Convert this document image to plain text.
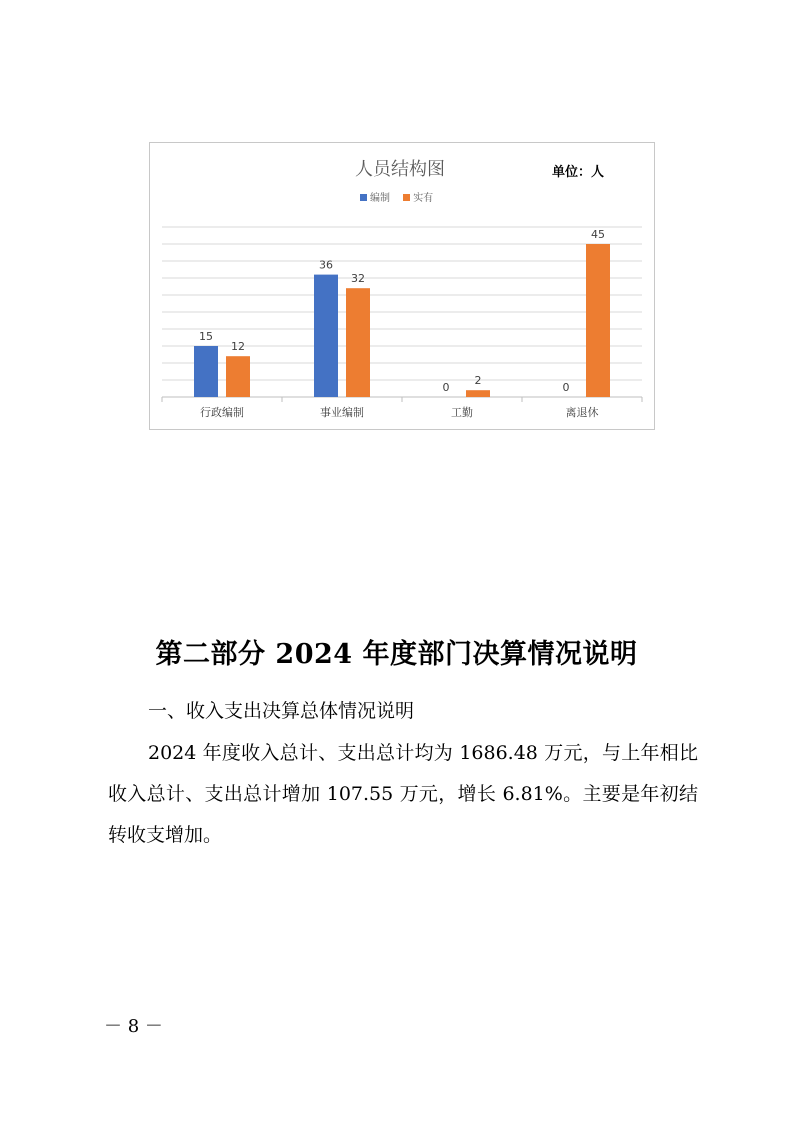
人员结构图	单位：人
编制 实有
15
12
行政编制
36
32
事业编制
0
2
工勤
0
45
离退休
第二部分 2024 年度部门决算情况说明
一、收入支出决算总体情况说明
2024 年度收入总计、支出总计均为 1686.48 万元，与上年相比收入总计、支出总计增加 107.55 万元，增长 6.81%。主要是年初结转收支增加。
－ 8 －
